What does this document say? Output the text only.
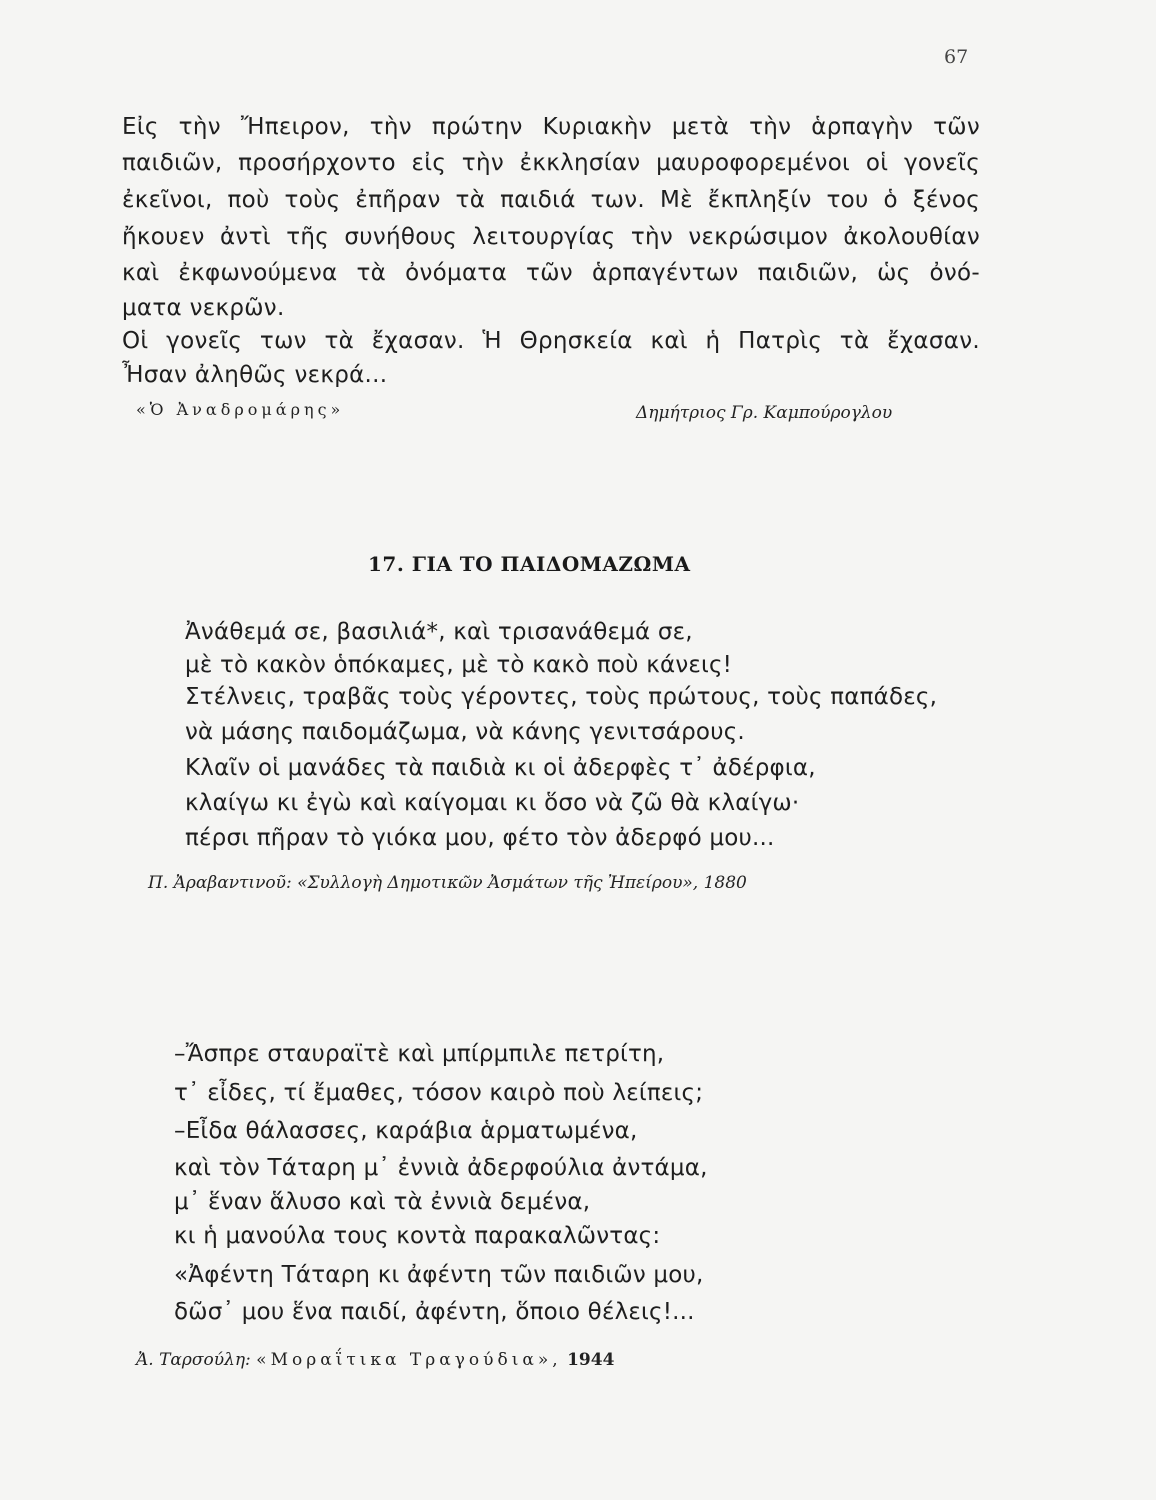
67
Εἰς τὴν Ἤπειρον, τὴν πρώτην Κυριακὴν μετὰ τὴν ἁρπαγὴν τῶν
παιδιῶν, προσήρχοντο εἰς τὴν ἐκκλησίαν μαυροφορεμένοι οἱ γονεῖς
ἐκεῖνοι, ποὺ τοὺς ἐπῆραν τὰ παιδιά των. Μὲ ἔκπληξίν του ὁ ξένος
ἤκουεν ἀντὶ τῆς συνήθους λειτουργίας τὴν νεκρώσιμον ἀκολουθίαν
καὶ ἐκφωνούμενα τὰ ὀνόματα τῶν ἁρπαγέντων παιδιῶν, ὡς ὀνό-
ματα νεκρῶν.
Οἱ γονεῖς των τὰ ἔχασαν. Ἡ Θρησκεία καὶ ἡ Πατρὶς τὰ ἔχασαν.
Ἦσαν ἀληθῶς νεκρά...
«Ὁ Ἀναδρομάρης»	Δημήτριος Γρ. Καμπούρογλου
17. ΓΙΑ ΤΟ ΠΑΙΔΟΜΑΖΩΜΑ
Ἀνάθεμά σε, βασιλιά*, καὶ τρισανάθεμά σε,
μὲ τὸ κακὸν ὁπόκαμες, μὲ τὸ κακὸ ποὺ κάνεις!
Στέλνεις, τραβᾶς τοὺς γέροντες, τοὺς πρώτους, τοὺς παπάδες,
νὰ μάσης παιδομάζωμα, νὰ κάνης γενιτσάρους.
Κλαῖν οἱ μανάδες τὰ παιδιὰ κι οἱ ἀδερφὲς τ᾽ ἀδέρφια,
κλαίγω κι ἐγὼ καὶ καίγομαι κι ὅσο νὰ ζῶ θὰ κλαίγω·
πέρσι πῆραν τὸ γιόκα μου, φέτο τὸν ἀδερφό μου...
Π. Ἀραβαντινοῦ: «Συλλογὴ Δημοτικῶν Ἀσμάτων τῆς Ἠπείρου», 1880
–Ἄσπρε σταυραϊτὲ καὶ μπίρμπιλε πετρίτη,
τ᾽ εἶδες, τί ἔμαθες, τόσον καιρὸ ποὺ λείπεις;
–Εἶδα θάλασσες, καράβια ἁρματωμένα,
καὶ τὸν Τάταρη μ᾽ ἐννιὰ ἀδερφούλια ἀντάμα,
μ᾽ ἕναν ἅλυσο καὶ τὰ ἐννιὰ δεμένα,
κι ἡ μανούλα τους κοντὰ παρακαλῶντας:
«Ἀφέντη Τάταρη κι ἀφέντη τῶν παιδιῶν μου,
δῶσ᾽ μου ἕνα παιδί, ἀφέντη, ὅποιο θέλεις!...
Ἀ. Ταρσούλη: «Μοραΐτικα Τραγούδια», 1944
